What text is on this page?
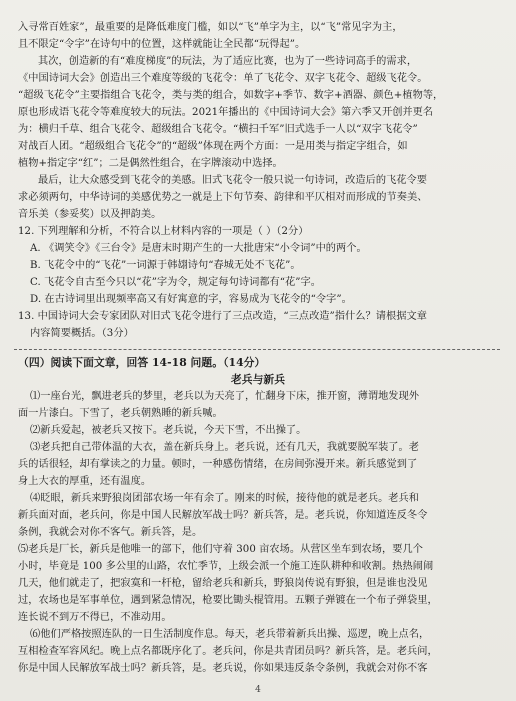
入寻常百姓家”，最重要的是降低难度门槛，如以“飞”单字为主，以“飞”常见字为主，
且不限定“令字”在诗句中的位置，这样就能让全民都“玩得起”。
其次，创造新的有“难度梯度”的玩法，为了适应比赛，也为了一些诗词高手的需求，
《中国诗词大会》创造出三个难度等级的飞花令：单了飞花令、双字飞花令、超级飞花令。
“超级飞花令”主要指组合飞花令，类与类的组合，如数字+季节、数字+酒器、颜色+植物等，
原也形成语飞花令等难度较大的玩法。2021年播出的《中国诗词大会》第六季又开创并更名
为：横归千草、组合飞花令、超级组合飞花令。“横扫千军”旧式选手一人以“双字飞花令”
对战百人团。“超级组合飞花令”的“超级”体现在两个方面：一是用类与指定字组合，如
植物+指定字“红”；二是偶然性组合，在字牌滚动中选择。
最后，让大众感受到飞花令的美感。旧式飞花令一般只说一句诗词，改造后的飞花令要
求必须两句，中华诗词的美感优势之一就是上下句节奏、韵律和平仄相对而形成的节奏美、
音乐美（参妥奖）以及押韵美。
12. 下列理解和分析，不符合以上材料内容的一项是（ ）（2分）
A. 《调笑令》《三台令》是唐末时期产生的一大批唐宋“小令词”中的两个。
B. 飞花令中的“飞花”一词源于韩翃诗句“春城无处不飞花”。
C. 飞花令自古至今只以“花”字为令，规定每句诗词都有“花”字。
D. 在古诗词里出现频率高又有好寓意的字，容易成为飞花令的“令字”。
13. 中国诗词大会专家团队对旧式飞花令进行了三点改造，“三点改造”指什么？请根据文章
内容简要概括。（3分）
（四）阅读下面文章，回答 14-18 问题。（14分）
老兵与新兵
⑴一座台光，飘进老兵的梦里，老兵以为天亮了，忙翻身下床，推开窗，薄谓地发现外
面一片漆白。下雪了，老兵朝熟睡的新兵喊。
⑵新兵爱起，被老兵又按下。老兵说，今天下雪，不出操了。
⑶老兵把自己带体温的大衣，盖在新兵身上。老兵说，还有几天，我就要脱军装了。老
兵的话很轻，却有掌读之的力量。顿时，一种感伤情绪，在房间弥漫开来。新兵感觉到了
身上大衣的厚重，还有温度。
⑷眨眼，新兵来野狼岗团部农场一年有余了。刚来的时候，接待他的就是老兵。老兵和
新兵面对面，老兵问，你是中国人民解放军战士吗？新兵答，是。老兵说，你知道连反冬令
条例，我就会对你不客气。新兵答，是。
⑸老兵是厂长，新兵是他唯一的部下，他们守着 300 亩农场。从营区坐车到农场，要几个
小时，毕竟是 100 多公里的山路，农忙季节，上级会派一个施工连队耕种和收割。热热闹闹
几天，他们就走了，把寂寞和一杆枪，留给老兵和新兵，野狼岗传说有野狼，但是谁也没见
过，农场也是军事单位，遇到紧急情况，枪要比锄头棍管用。五颗子弹镀在一个布子弹袋里，
连长说不到万不得已，不准动用。
⑹他们严格按照连队的一日生活制度作息。每天，老兵带着新兵出操、巡逻，晚上点名，
互相检查军容风纪。晚上点名都既序化了。老兵问，你是共青团员吗？新兵答，是。老兵问，
你是中国人民解放军战士吗？新兵答，是。老兵说，你如果违反条令条例，我就会对你不客
4
